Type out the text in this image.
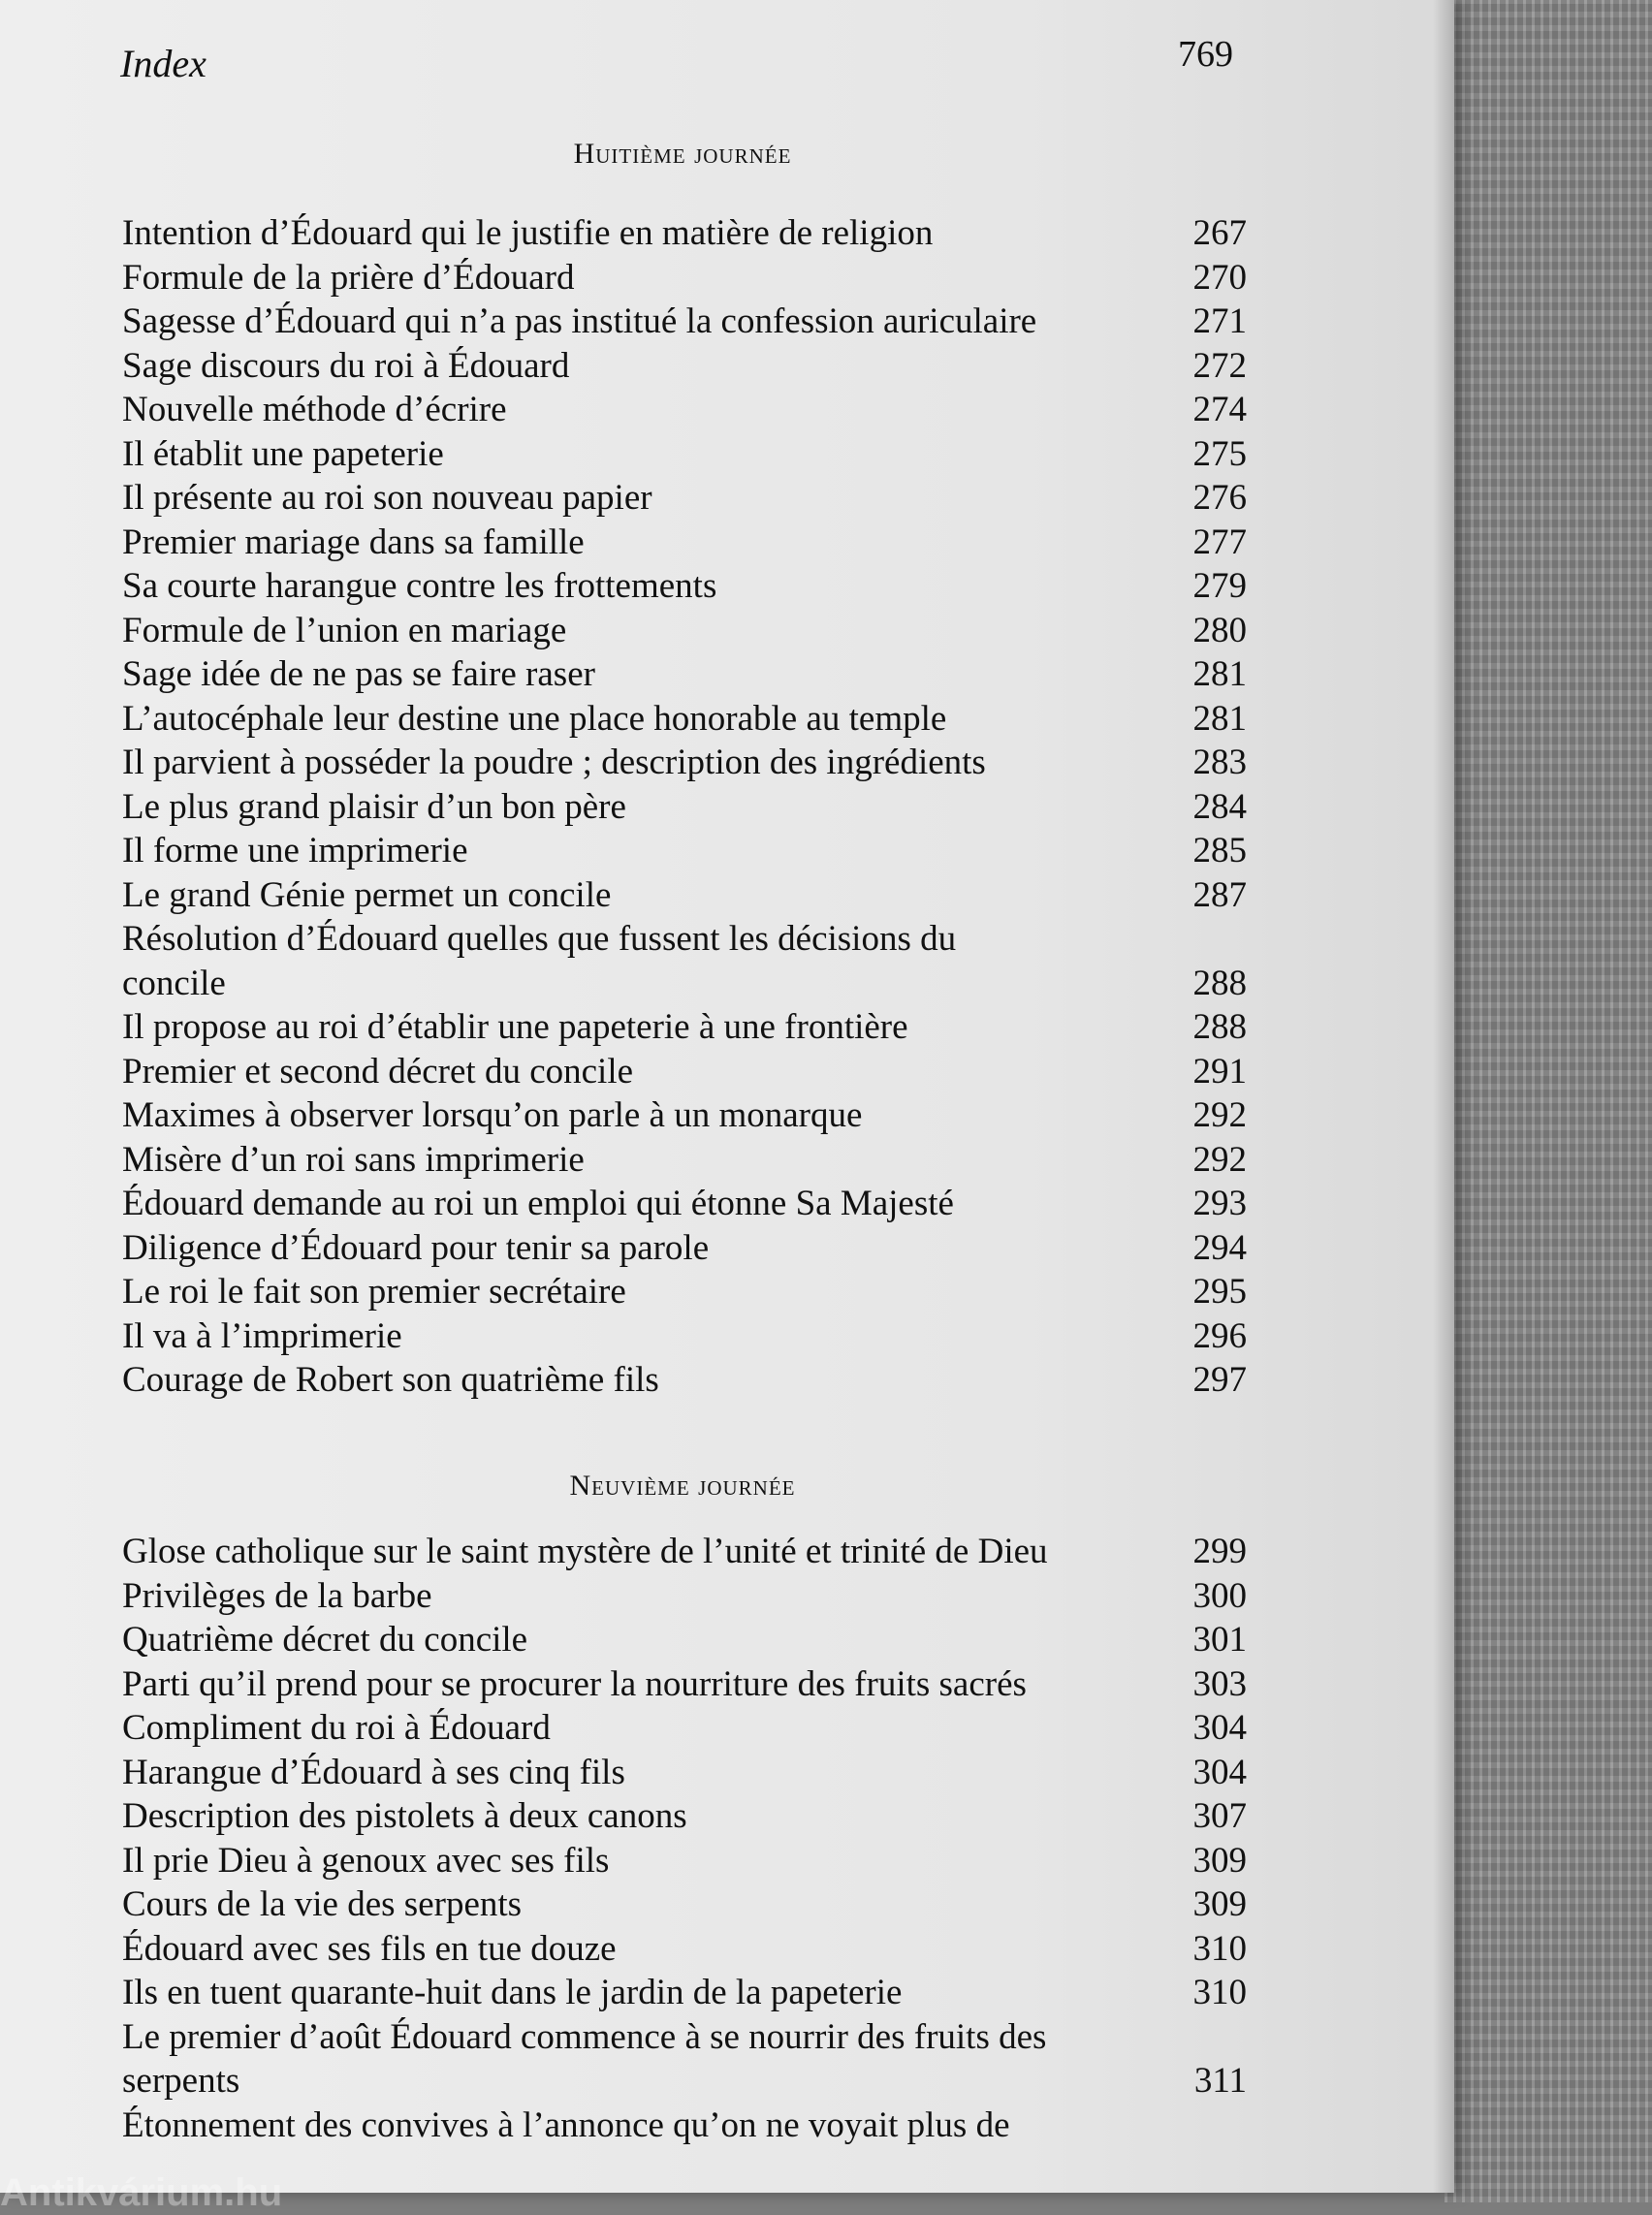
Index	769
Huitième journée
Intention d’Édouard qui le justifie en matière de religion	267
Formule de la prière d’Édouard	270
Sagesse d’Édouard qui n’a pas institué la confession auriculaire	271
Sage discours du roi à Édouard	272
Nouvelle méthode d’écrire	274
Il établit une papeterie	275
Il présente au roi son nouveau papier	276
Premier mariage dans sa famille	277
Sa courte harangue contre les frottements	279
Formule de l’union en mariage	280
Sage idée de ne pas se faire raser	281
L’autocéphale leur destine une place honorable au temple	281
Il parvient à posséder la poudre ; description des ingrédients	283
Le plus grand plaisir d’un bon père	284
Il forme une imprimerie	285
Le grand Génie permet un concile	287
Résolution d’Édouard quelles que fussent les décisions du
concile	288
Il propose au roi d’établir une papeterie à une frontière	288
Premier et second décret du concile	291
Maximes à observer lorsqu’on parle à un monarque	292
Misère d’un roi sans imprimerie	292
Édouard demande au roi un emploi qui étonne Sa Majesté	293
Diligence d’Édouard pour tenir sa parole	294
Le roi le fait son premier secrétaire	295
Il va à l’imprimerie	296
Courage de Robert son quatrième fils	297
Neuvième journée
Glose catholique sur le saint mystère de l’unité et trinité de Dieu	299
Privilèges de la barbe	300
Quatrième décret du concile	301
Parti qu’il prend pour se procurer la nourriture des fruits sacrés	303
Compliment du roi à Édouard	304
Harangue d’Édouard à ses cinq fils	304
Description des pistolets à deux canons	307
Il prie Dieu à genoux avec ses fils	309
Cours de la vie des serpents	309
Édouard avec ses fils en tue douze	310
Ils en tuent quarante-huit dans le jardin de la papeterie	310
Le premier d’août Édouard commence à se nourrir des fruits des
serpents	311
Étonnement des convives à l’annonce qu’on ne voyait plus de
Antikvárium.hu
